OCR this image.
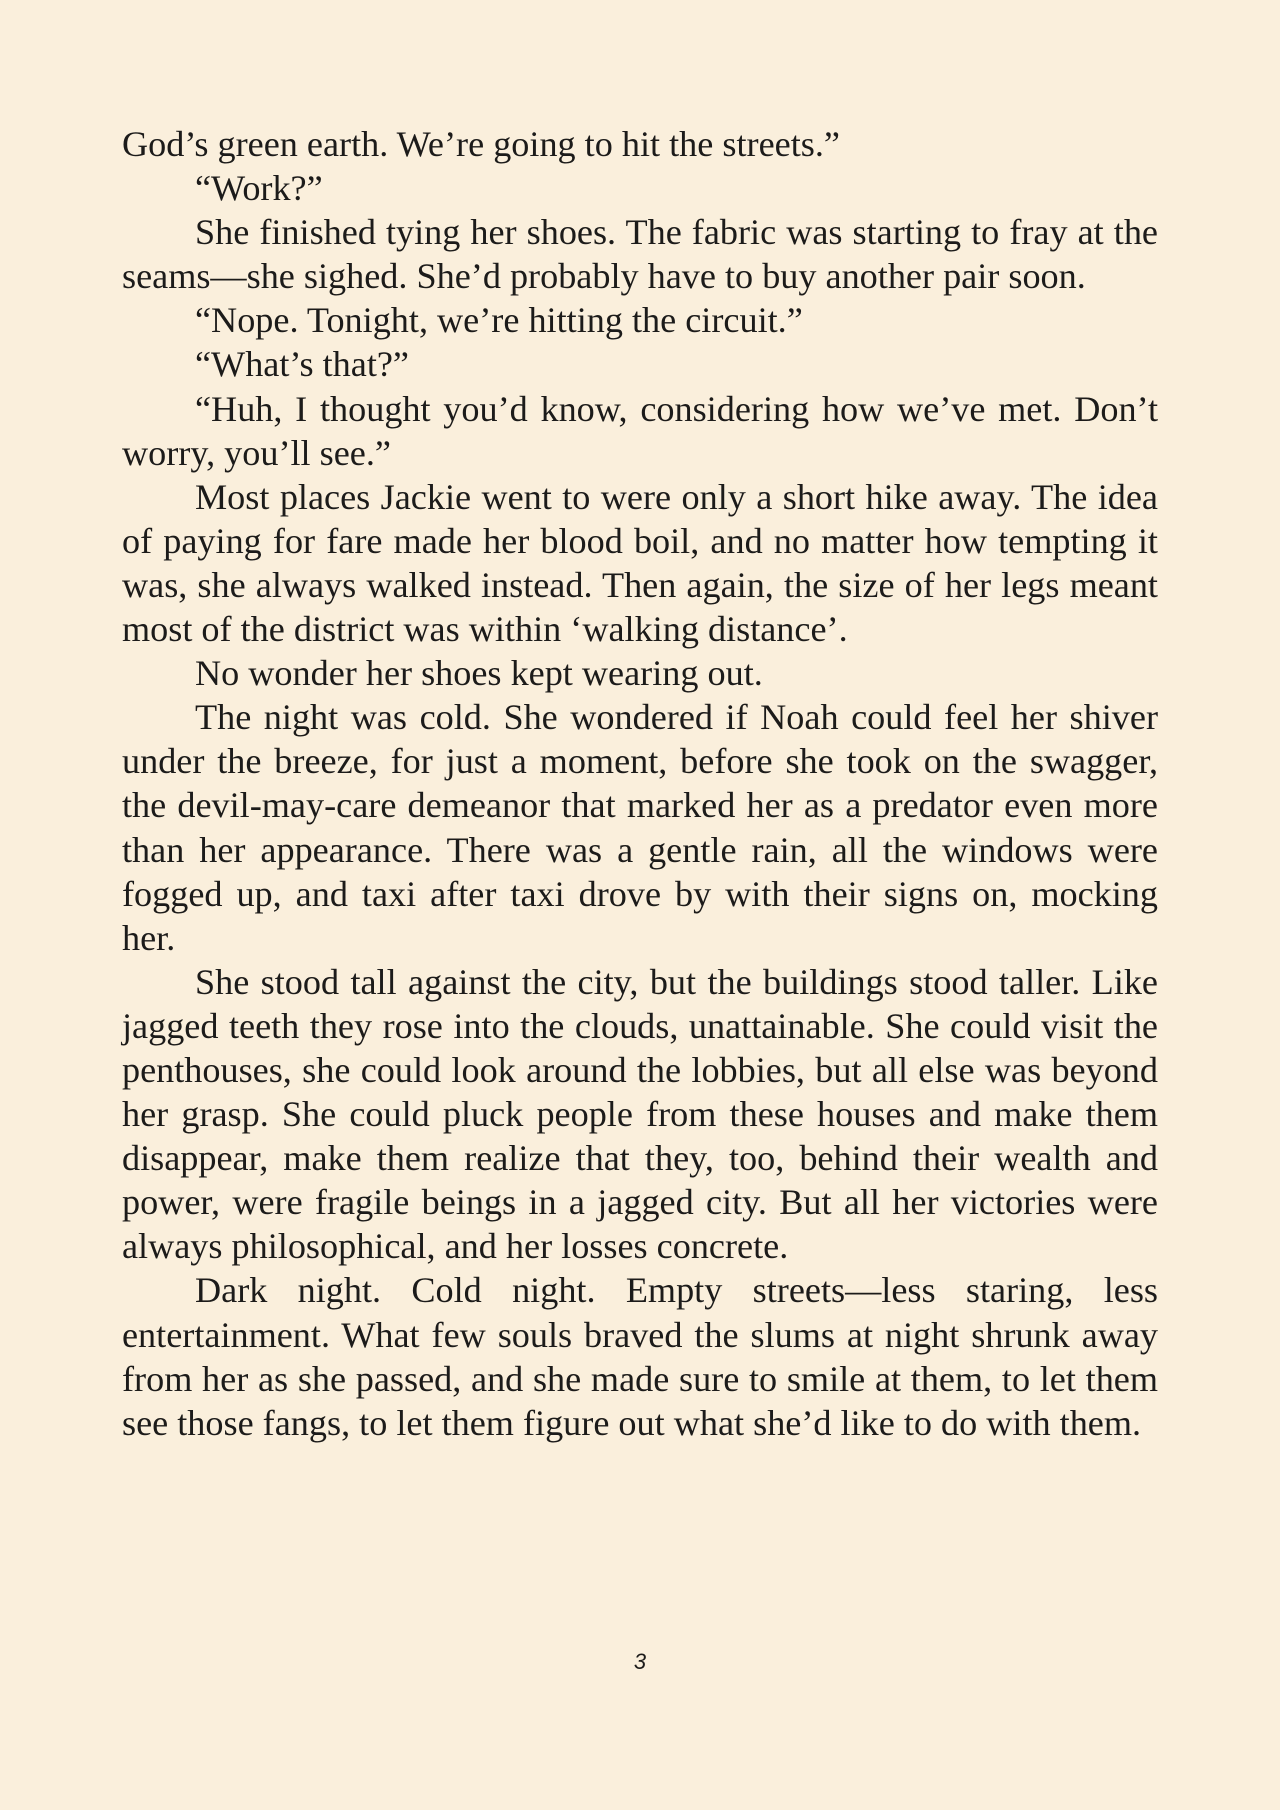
God’s green earth. We’re going to hit the streets.”

“Work?”

She finished tying her shoes. The fabric was starting to fray at the seams—she sighed. She’d probably have to buy another pair soon.

“Nope. Tonight, we’re hitting the circuit.”

“What’s that?”

“Huh, I thought you’d know, considering how we’ve met. Don’t worry, you’ll see.”

Most places Jackie went to were only a short hike away. The idea of paying for fare made her blood boil, and no matter how tempting it was, she always walked instead. Then again, the size of her legs meant most of the district was within ‘walking distance’.

No wonder her shoes kept wearing out.

The night was cold. She wondered if Noah could feel her shiver under the breeze, for just a moment, before she took on the swagger, the devil-may-care demeanor that marked her as a predator even more than her appearance. There was a gentle rain, all the windows were fogged up, and taxi after taxi drove by with their signs on, mocking her.

She stood tall against the city, but the buildings stood taller. Like jagged teeth they rose into the clouds, unattainable. She could visit the penthouses, she could look around the lobbies, but all else was beyond her grasp. She could pluck people from these houses and make them disappear, make them realize that they, too, behind their wealth and power, were fragile beings in a jagged city. But all her victories were always philosophical, and her losses concrete.

Dark night. Cold night. Empty streets—less staring, less entertainment. What few souls braved the slums at night shrunk away from her as she passed, and she made sure to smile at them, to let them see those fangs, to let them figure out what she’d like to do with them.

3
